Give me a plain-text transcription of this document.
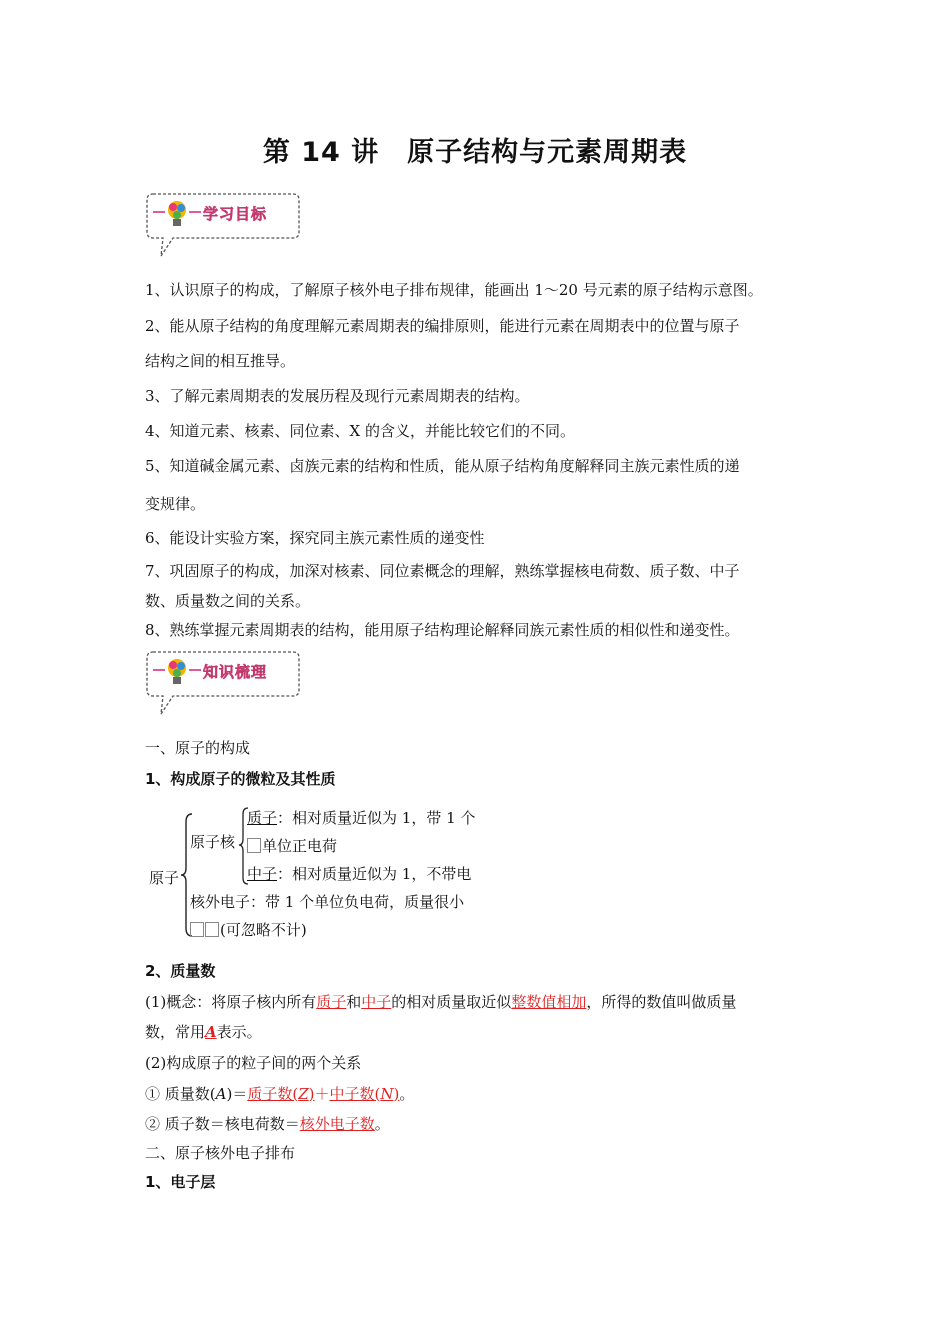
第 14 讲　原子结构与元素周期表
学习目标
1、认识原子的构成，了解原子核外电子排布规律，能画出 1～20 号元素的原子结构示意图。
2、能从原子结构的角度理解元素周期表的编排原则，能进行元素在周期表中的位置与原子
结构之间的相互推导。
3、了解元素周期表的发展历程及现行元素周期表的结构。
4、知道元素、核素、同位素、X 的含义，并能比较它们的不同。
5、知道碱金属元素、卤族元素的结构和性质，能从原子结构角度解释同主族元素性质的递
变规律。
6、能设计实验方案，探究同主族元素性质的递变性
7、巩固原子的构成，加深对核素、同位素概念的理解，熟练掌握核电荷数、质子数、中子
数、质量数之间的关系。
8、熟练掌握元素周期表的结构，能用原子结构理论解释同族元素性质的相似性和递变性。
知识梳理
一、原子的构成
1、构成原子的微粒及其性质
原子
原子核
质子：相对质量近似为 1，带 1 个
单位正电荷
中子：相对质量近似为 1，不带电
核外电子：带 1 个单位负电荷，质量很小
(可忽略不计)
2、质量数
(1)概念：将原子核内所有质子和中子的相对质量取近似整数值相加，所得的数值叫做质量
数，常用A表示。
(2)构成原子的粒子间的两个关系
① 质量数(A)＝质子数(Z)＋中子数(N)。
② 质子数＝核电荷数＝核外电子数。
二、原子核外电子排布
1、电子层
